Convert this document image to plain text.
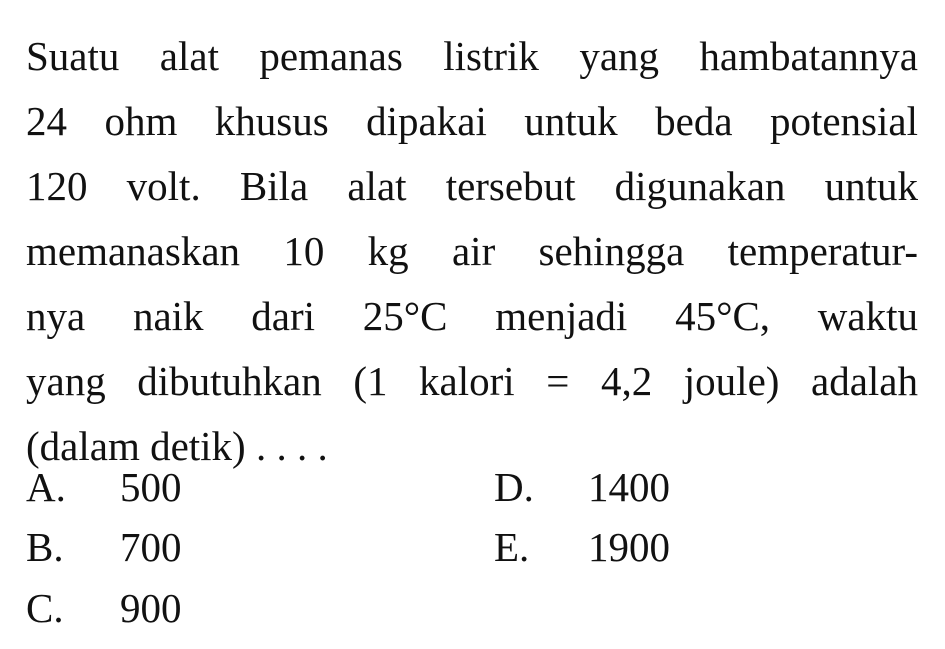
Suatu alat pemanas listrik yang hambatannya
24 ohm khusus dipakai untuk beda potensial
120 volt. Bila alat tersebut digunakan untuk
memanaskan 10 kg air sehingga temperatur-
nya naik dari 25°C menjadi 45°C, waktu
yang dibutuhkan (1 kalori = 4,2 joule) adalah
(dalam detik) . . . .
A. 500
B. 700
C. 900
D. 1400
E. 1900
